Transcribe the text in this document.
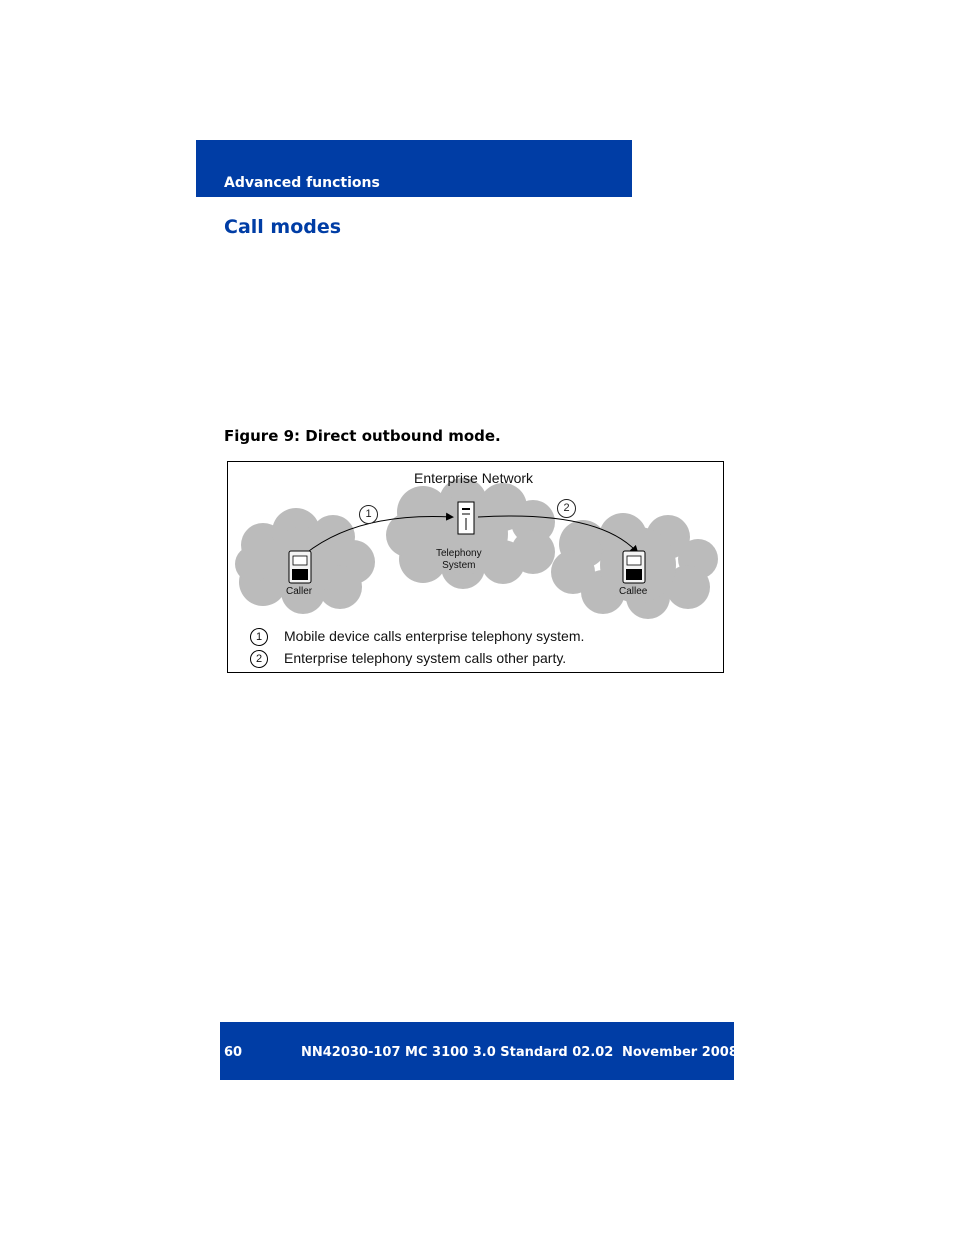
Advanced functions
Call modes
Figure 9: Direct outbound mode.
Enterprise Network
1	2
Telephony
System
Caller	Callee
1 Mobile device calls enterprise telephony system.
2 Enterprise telephony system calls other party.
60	NN42030-107 MC 3100 3.0 Standard 02.02 November 2008
